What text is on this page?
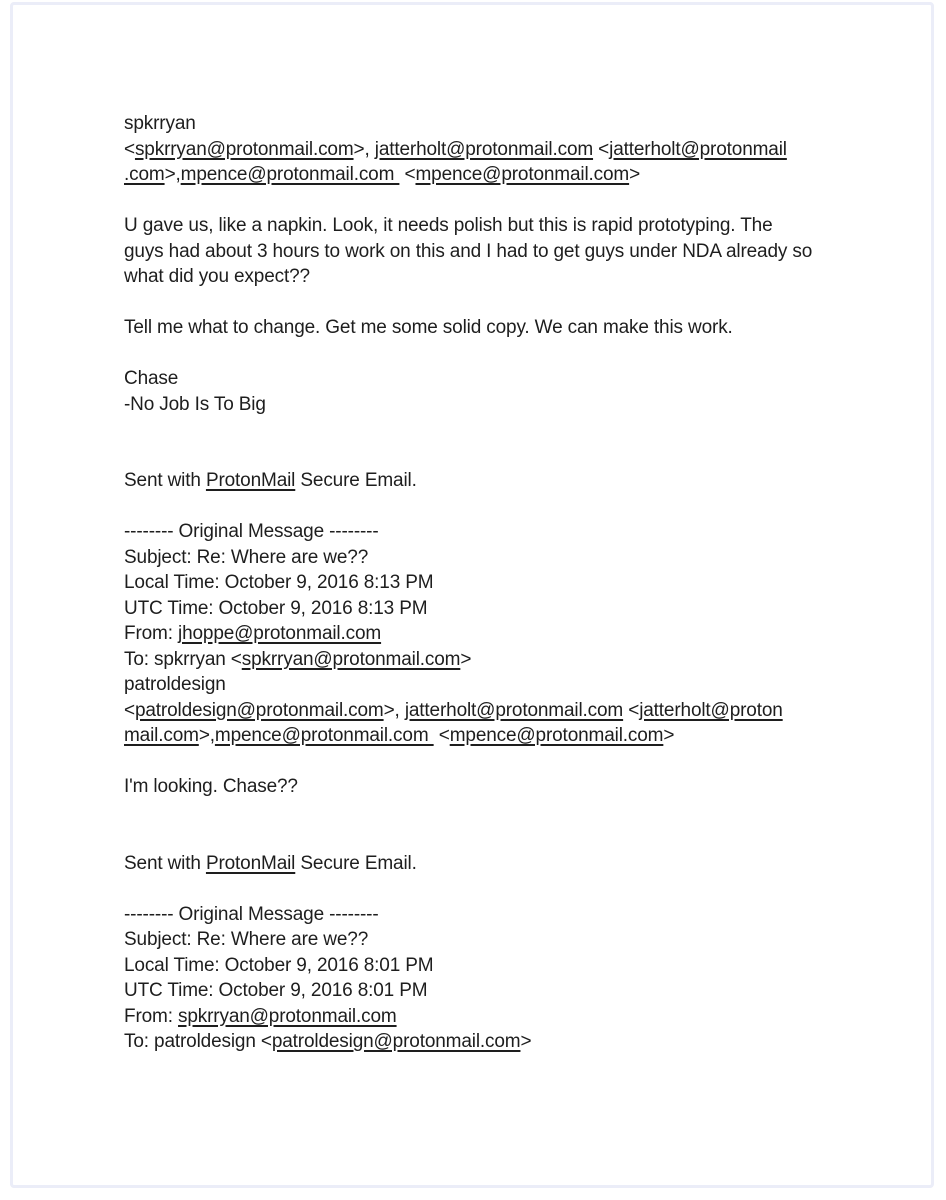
spkrryan
<spkrryan@protonmail.com>, jatterholt@protonmail.com <jatterholt@protonmail
.com>,mpence@protonmail.com  <mpence@protonmail.com>
U gave us, like a napkin. Look, it needs polish but this is rapid prototyping. The
guys had about 3 hours to work on this and I had to get guys under NDA already so
what did you expect??
Tell me what to change. Get me some solid copy. We can make this work.
Chase
-No Job Is To Big
Sent with ProtonMail Secure Email.
-------- Original Message --------
Subject: Re: Where are we??
Local Time: October 9, 2016 8:13 PM
UTC Time: October 9, 2016 8:13 PM
From: jhoppe@protonmail.com
To: spkrryan <spkrryan@protonmail.com>
patroldesign
<patroldesign@protonmail.com>, jatterholt@protonmail.com <jatterholt@proton
mail.com>,mpence@protonmail.com  <mpence@protonmail.com>
I'm looking. Chase??
Sent with ProtonMail Secure Email.
-------- Original Message --------
Subject: Re: Where are we??
Local Time: October 9, 2016 8:01 PM
UTC Time: October 9, 2016 8:01 PM
From: spkrryan@protonmail.com
To: patroldesign <patroldesign@protonmail.com>
